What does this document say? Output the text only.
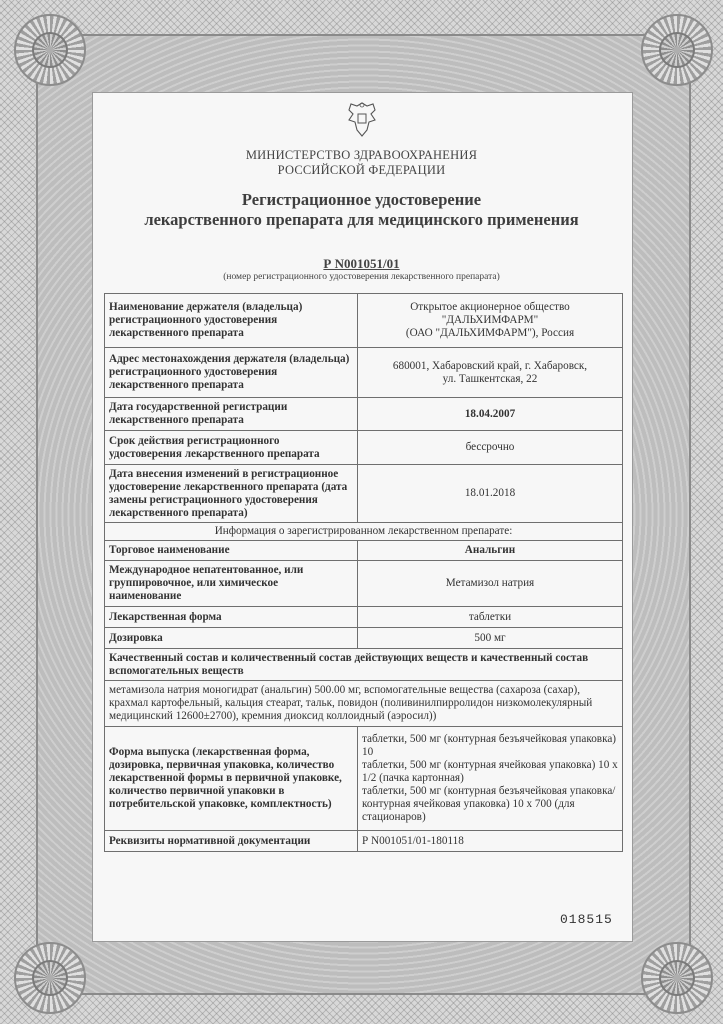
МИНИСТЕРСТВО ЗДРАВООХРАНЕНИЯ
РОССИЙСКОЙ ФЕДЕРАЦИИ
Регистрационное удостоверение
лекарственного препарата для медицинского применения
Р N001051/01
(номер регистрационного удостоверения лекарственного препарата)
Наименование держателя (владельца) регистрационного удостоверения лекарственного препарата	Открытое акционерное общество
"ДАЛЬХИМФАРМ"
(ОАО "ДАЛЬХИМФАРМ"), Россия

Адрес местонахождения держателя (владельца) регистрационного удостоверения лекарственного препарата	680001, Хабаровский край, г. Хабаровск,
ул. Ташкентская, 22

Дата государственной регистрации лекарственного препарата	18.04.2007
Срок действия регистрационного удостоверения лекарственного препарата	бессрочно
Дата внесения изменений в регистрационное удостоверение лекарственного препарата (дата замены регистрационного удостоверения лекарственного препарата)	18.01.2018
Информация о зарегистрированном лекарственном препарате:	
Торговое наименование	Анальгин
Международное непатентованное, или группировочное, или химическое наименование	Метамизол натрия
Лекарственная форма	таблетки
Дозировка	500 мг
Качественный состав и количественный состав действующих веществ и качественный состав вспомогательных веществ	
метамизола натрия моногидрат (анальгин) 500.00 мг, вспомогательные вещества (сахароза (сахар), крахмал картофельный, кальция стеарат, тальк, повидон (поливинилпирролидон низкомолекулярный медицинский 12600±2700), кремния диоксид коллоидный (аэросил))	
Форма выпуска (лекарственная форма, дозировка, первичная упаковка, количество лекарственной формы в первичной упаковке, количество первичной упаковки в потребительской упаковке, комплектность)	таблетки, 500 мг (контурная безъячейковая упаковка) 10
таблетки, 500 мг (контурная ячейковая упаковка) 10 x 1/2 (пачка картонная)
таблетки, 500 мг (контурная безъячейковая упаковка/контурная ячейковая упаковка) 10 x 700 (для стационаров)

Реквизиты нормативной документации	Р N001051/01-180118
018515
